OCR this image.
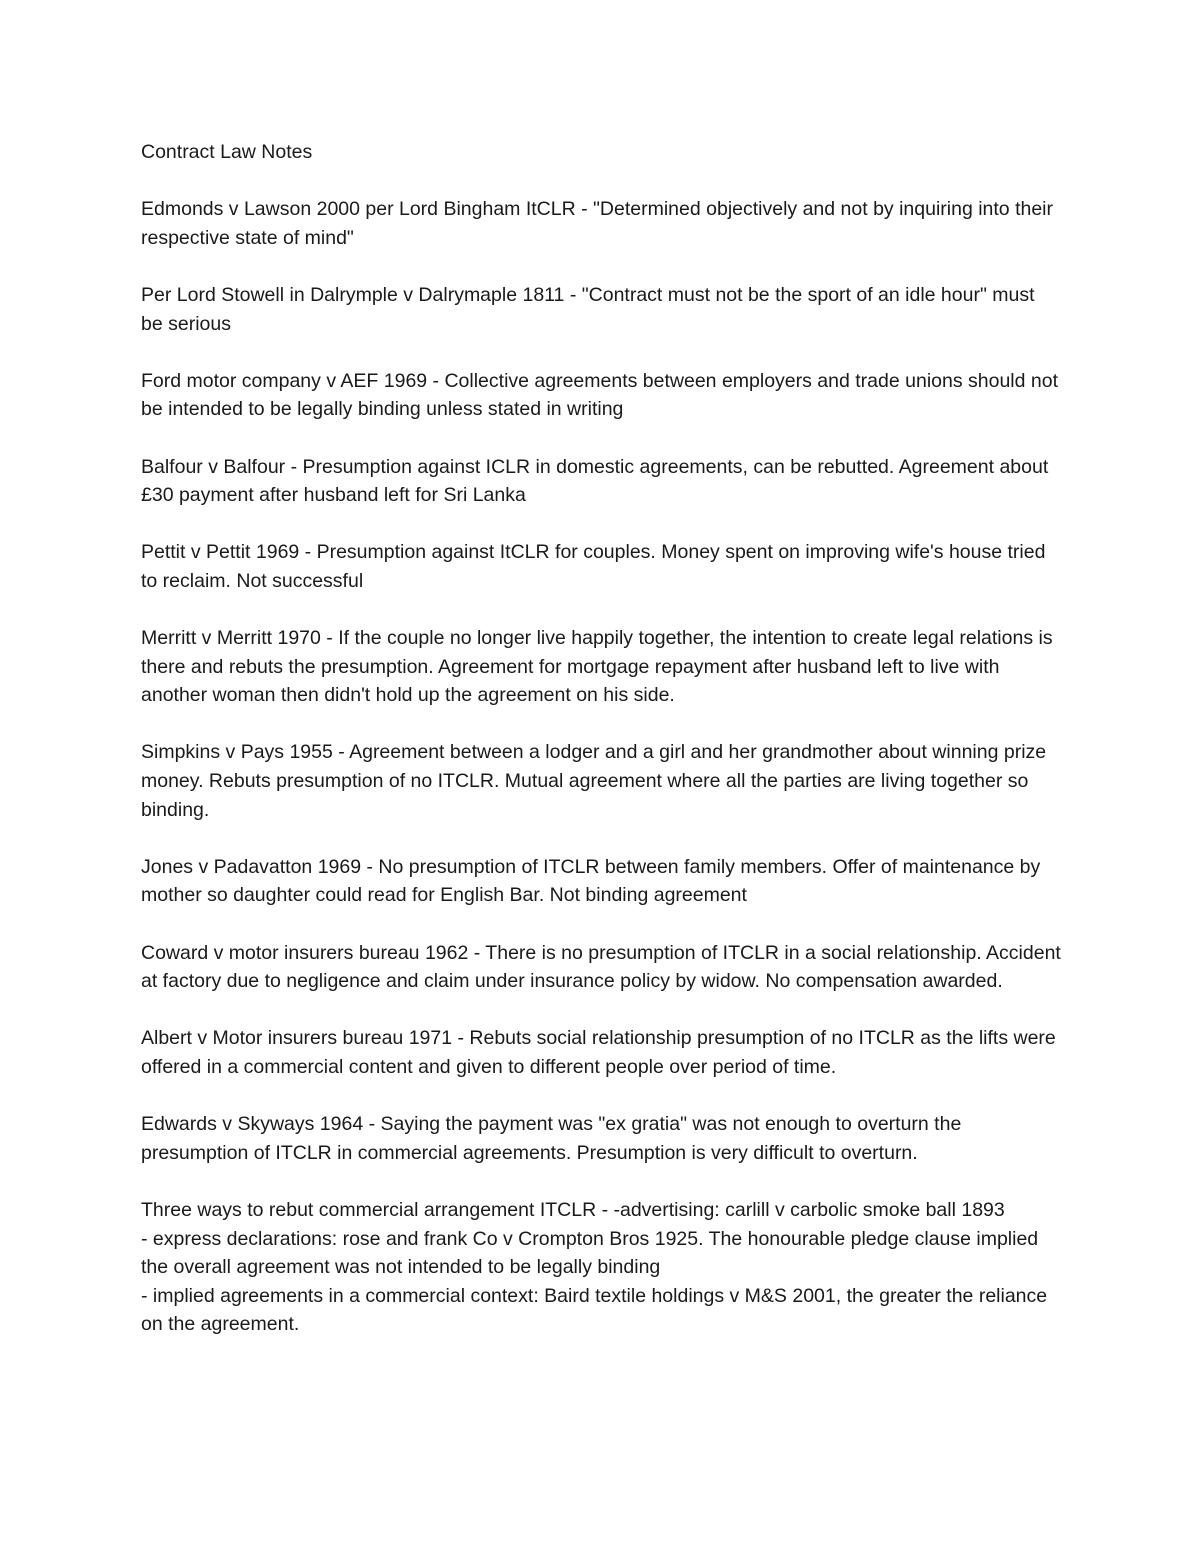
Contract Law Notes

Edmonds v Lawson 2000 per Lord Bingham ItCLR - "Determined objectively and not by inquiring into their respective state of mind"

Per Lord Stowell in Dalrymple v Dalrymaple 1811 - "Contract must not be the sport of an idle hour" must be serious

Ford motor company v AEF 1969 - Collective agreements between employers and trade unions should not be intended to be legally binding unless stated in writing

Balfour v Balfour - Presumption against ICLR in domestic agreements, can be rebutted. Agreement about £30 payment after husband left for Sri Lanka

Pettit v Pettit 1969 - Presumption against ItCLR for couples. Money spent on improving wife's house tried to reclaim. Not successful

Merritt v Merritt 1970 - If the couple no longer live happily together, the intention to create legal relations is there and rebuts the presumption. Agreement for mortgage repayment after husband left to live with another woman then didn't hold up the agreement on his side.

Simpkins v Pays 1955 - Agreement between a lodger and a girl and her grandmother about winning prize money. Rebuts presumption of no ITCLR. Mutual agreement where all the parties are living together so binding.

Jones v Padavatton 1969 - No presumption of ITCLR between family members. Offer of maintenance by mother so daughter could read for English Bar. Not binding agreement

Coward v motor insurers bureau 1962 - There is no presumption of ITCLR in a social relationship. Accident at factory due to negligence and claim under insurance policy by widow. No compensation awarded.

Albert v Motor insurers bureau 1971 - Rebuts social relationship presumption of no ITCLR as the lifts were offered in a commercial content and given to different people over period of time.

Edwards v Skyways 1964 - Saying the payment was "ex gratia" was not enough to overturn the presumption of ITCLR in commercial agreements. Presumption is very difficult to overturn.

Three ways to rebut commercial arrangement ITCLR - -advertising: carlill v carbolic smoke ball 1893
- express declarations: rose and frank Co v Crompton Bros 1925. The honourable pledge clause implied the overall agreement was not intended to be legally binding
- implied agreements in a commercial context: Baird textile holdings v M&S 2001, the greater the reliance on the agreement.
